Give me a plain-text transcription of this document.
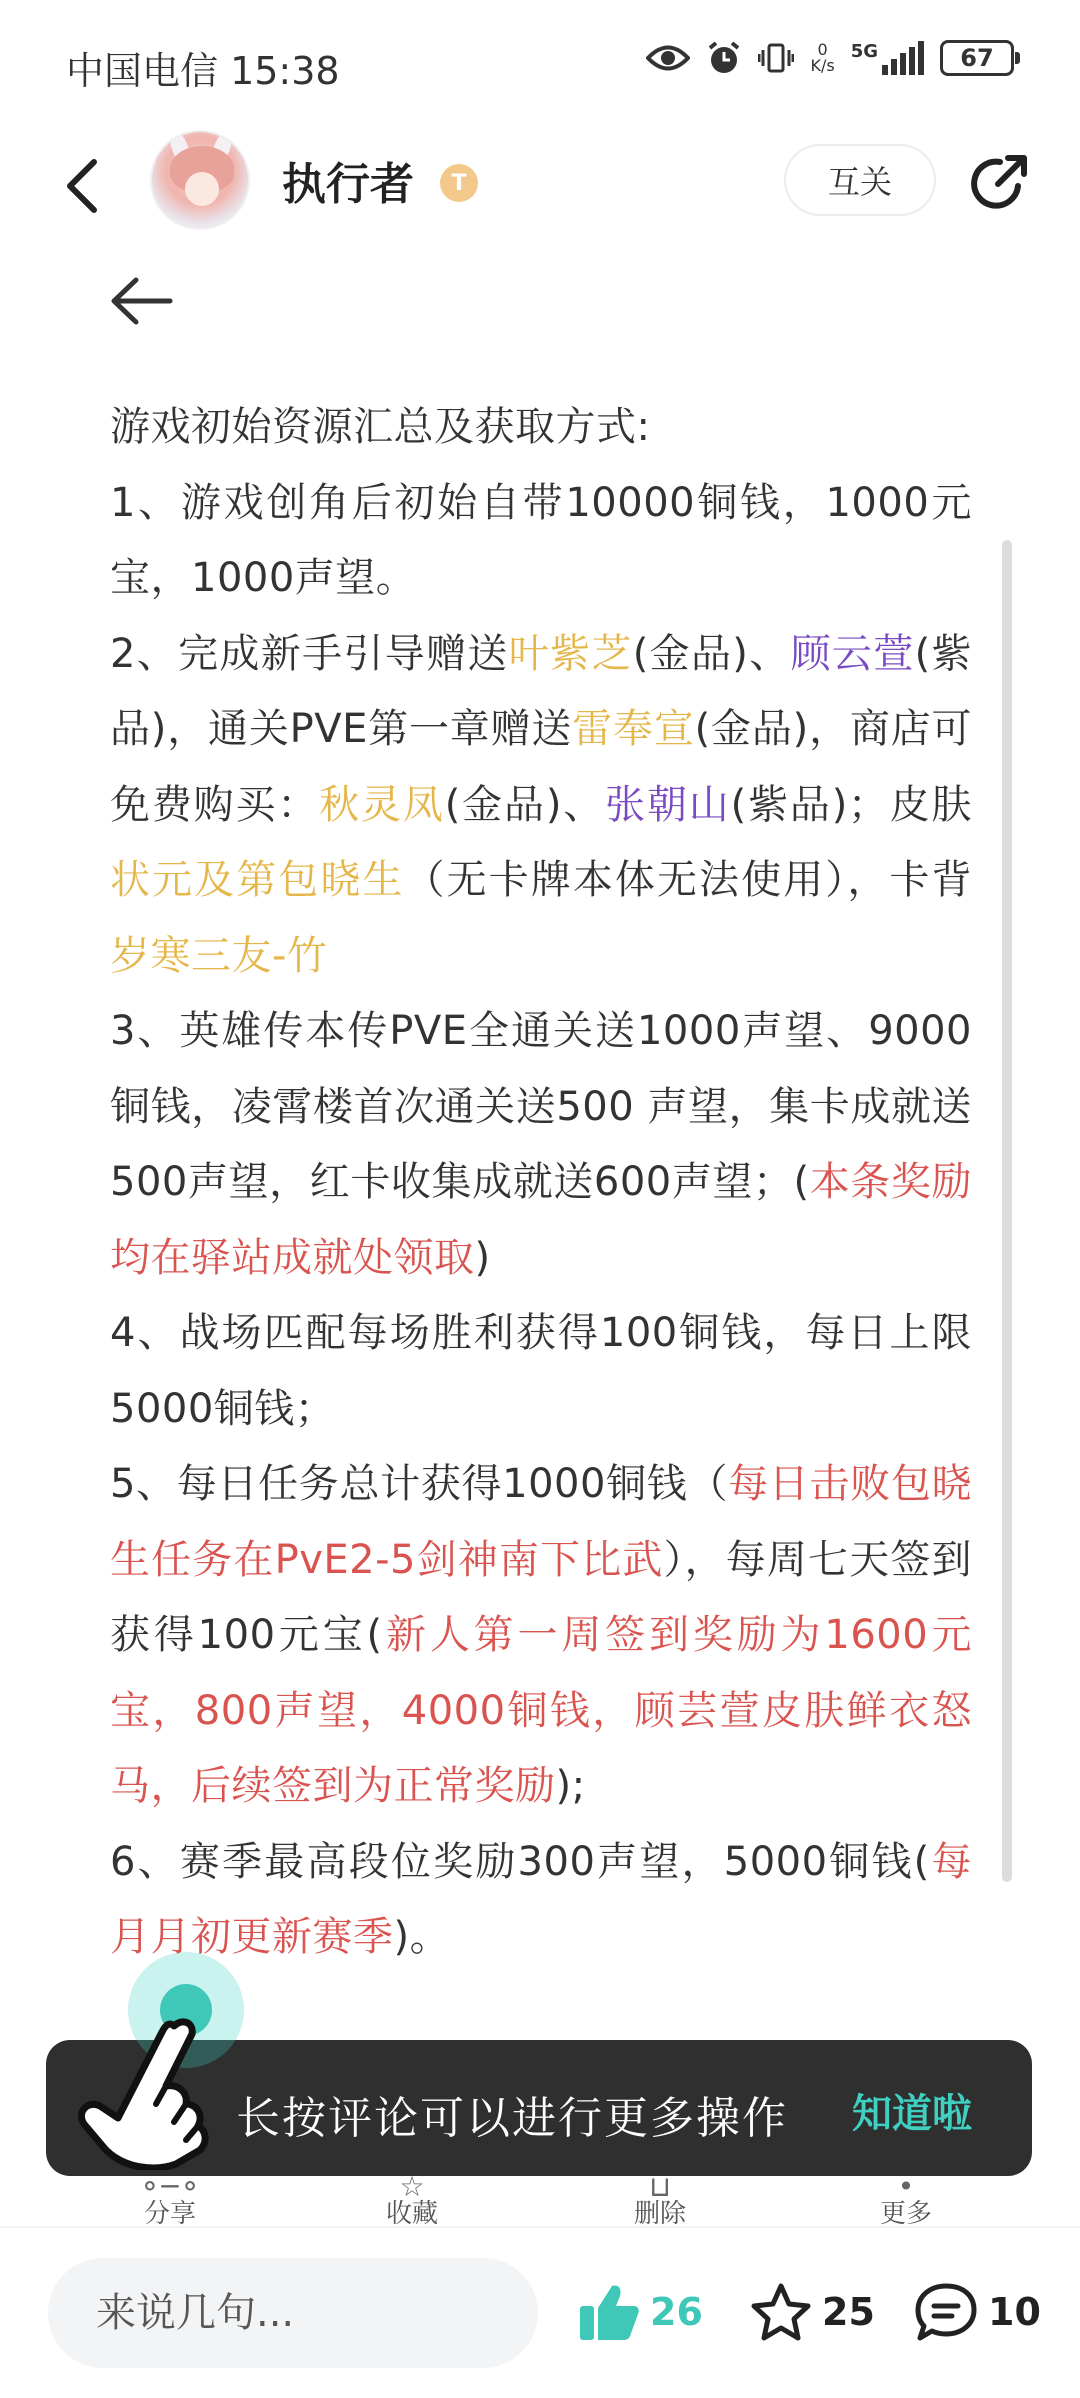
中国电信 15:38	0
K/s
5G	67
执行者	T	互关

游戏初始资源汇总及获取方式:

1、游戏创角后初始自带10000铜钱，1000元宝，1000声望。

2、完成新手引导赠送叶紫芝(金品)、顾云萱(紫品)，通关PVE第一章赠送雷奉宣(金品)，商店可免费购买：秋灵凤(金品)、张朝山(紫品)；皮肤状元及第包晓生（无卡牌本体无法使用），卡背岁寒三友-竹

3、英雄传本传PVE全通关送1000声望、9000铜钱，凌霄楼首次通关送500 声望，集卡成就送500声望，红卡收集成就送600声望；(本条奖励均在驿站成就处领取)

4、战场匹配每场胜利获得100铜钱，每日上限5000铜钱；

5、每日任务总计获得1000铜钱（每日击败包晓生任务在PvE2-5剑神南下比武），每周七天签到获得100元宝(新人第一周签到奖励为1600元宝，800声望，4000铜钱，顾芸萱皮肤鲜衣怒马，后续签到为正常奖励);

6、赛季最高段位奖励300声望，5000铜钱(每月月初更新赛季)。

⚬─⚬
分享
☆
收藏
⊔
删除
•
更多
长按评论可以进行更多操作 知道啦
来说几句...
26	25	10
